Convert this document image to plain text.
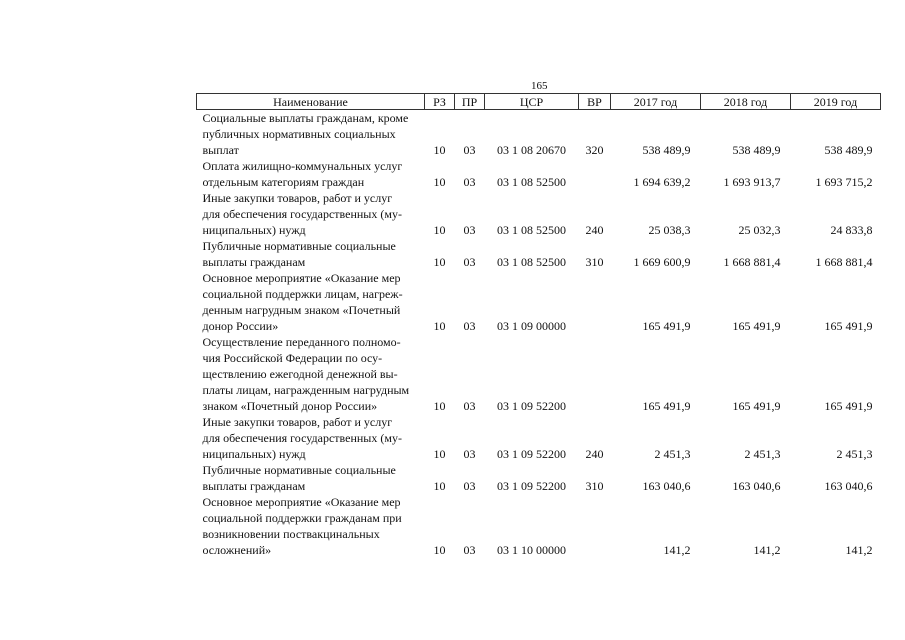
165
Наименование	РЗ	ПР	ЦСР	ВР	2017 год	2018 год	2019 год

Социальные выплаты гражданам, кроме
публичных нормативных социальных
выплат	10	03	03 1 08 20670	320	538 489,9	538 489,9	538 489,9

Оплата жилищно-коммунальных услуг
отдельным категориям граждан	10	03	03 1 08 52500		1 694 639,2	1 693 913,7	1 693 715,2

Иные закупки товаров, работ и услуг
для обеспечения государственных (му-
ниципальных) нужд	10	03	03 1 08 52500	240	25 038,3	25 032,3	24 833,8

Публичные нормативные социальные
выплаты гражданам	10	03	03 1 08 52500	310	1 669 600,9	1 668 881,4	1 668 881,4

Основное мероприятие «Оказание мер
социальной поддержки лицам, нагреж-
денным нагрудным знаком «Почетный
донор России»	10	03	03 1 09 00000		165 491,9	165 491,9	165 491,9

Осуществление переданного полномо-
чия Российской Федерации по осу-
ществлению ежегодной денежной вы-
платы лицам, награжденным нагрудным
знаком «Почетный донор России»	10	03	03 1 09 52200		165 491,9	165 491,9	165 491,9

Иные закупки товаров, работ и услуг
для обеспечения государственных (му-
ниципальных) нужд	10	03	03 1 09 52200	240	2 451,3	2 451,3	2 451,3

Публичные нормативные социальные
выплаты гражданам	10	03	03 1 09 52200	310	163 040,6	163 040,6	163 040,6

Основное мероприятие «Оказание мер
социальной поддержки гражданам при
возникновении поствакцинальных
осложнений»	10	03	03 1 10 00000		141,2	141,2	141,2
